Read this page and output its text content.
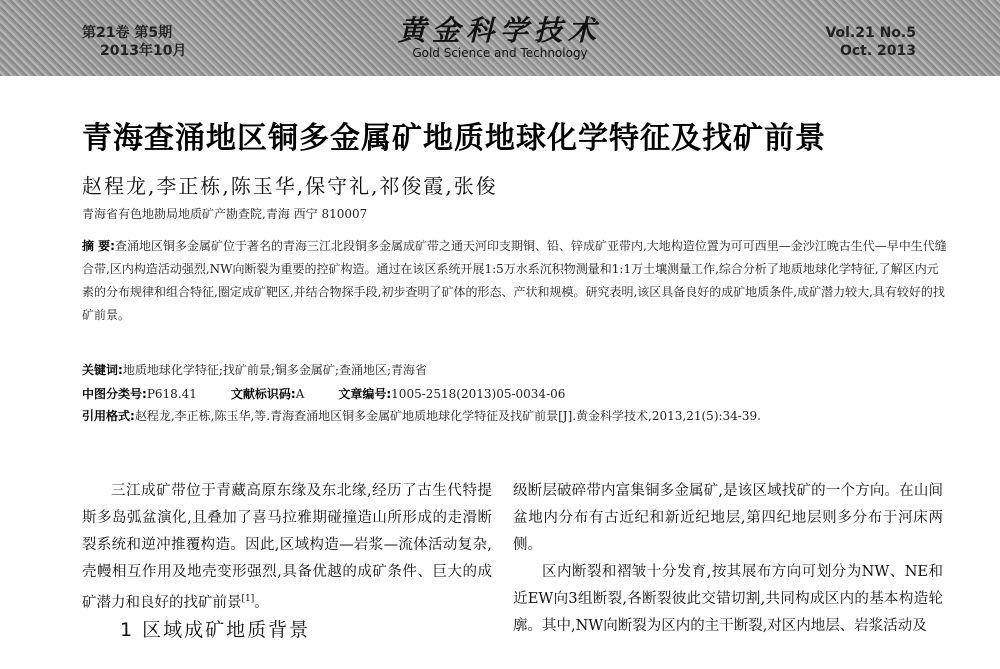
第21卷 第5期
2013年10月
黄金科学技术
Gold Science and Technology
Vol.21 No.5
Oct. 2013
青海查涌地区铜多金属矿地质地球化学特征及找矿前景
赵程龙,李正栋,陈玉华,保守礼,祁俊霞,张俊
青海省有色地勘局地质矿产勘查院,青海 西宁 810007
摘 要:查涌地区铜多金属矿位于著名的青海三江北段铜多金属成矿带之通天河印支期铜、铅、锌成矿亚带内,大地构造位置为可可西里—金沙江晚古生代—早中生代缝合带,区内构造活动强烈,NW向断裂为重要的控矿构造。通过在该区系统开展1:5万水系沉积物测量和1:1万土壤测量工作,综合分析了地质地球化学特征,了解区内元素的分布规律和组合特征,圈定成矿靶区,并结合物探手段,初步查明了矿体的形态、产状和规模。研究表明,该区具备良好的成矿地质条件,成矿潜力较大,具有较好的找矿前景。
关键词:地质地球化学特征;找矿前景;铜多金属矿;查涌地区;青海省
中图分类号:P618.41	文献标识码:A	文章编号:1005-2518(2013)05-0034-06
引用格式:赵程龙,李正栋,陈玉华,等.青海查涌地区铜多金属矿地质地球化学特征及找矿前景[J].黄金科学技术,2013,21(5):34-39.

三江成矿带位于青藏高原东缘及东北缘,经历了古生代特提斯多岛弧盆演化,且叠加了喜马拉雅期碰撞造山所形成的走滑断裂系统和逆冲推覆构造。因此,区域构造—岩浆—流体活动复杂,壳幔相互作用及地壳变形强烈,具备优越的成矿条件、巨大的成矿潜力和良好的找矿前景[1]。

1 区域成矿地质背景

级断层破碎带内富集铜多金属矿,是该区域找矿的一个方向。在山间盆地内分布有古近纪和新近纪地层,第四纪地层则多分布于河床两侧。

区内断裂和褶皱十分发育,按其展布方向可划分为NW、NE和近EW向3组断裂,各断裂彼此交错切割,共同构成区内的基本构造轮廓。其中,NW向断裂为区内的主干断裂,对区内地层、岩浆活动及
